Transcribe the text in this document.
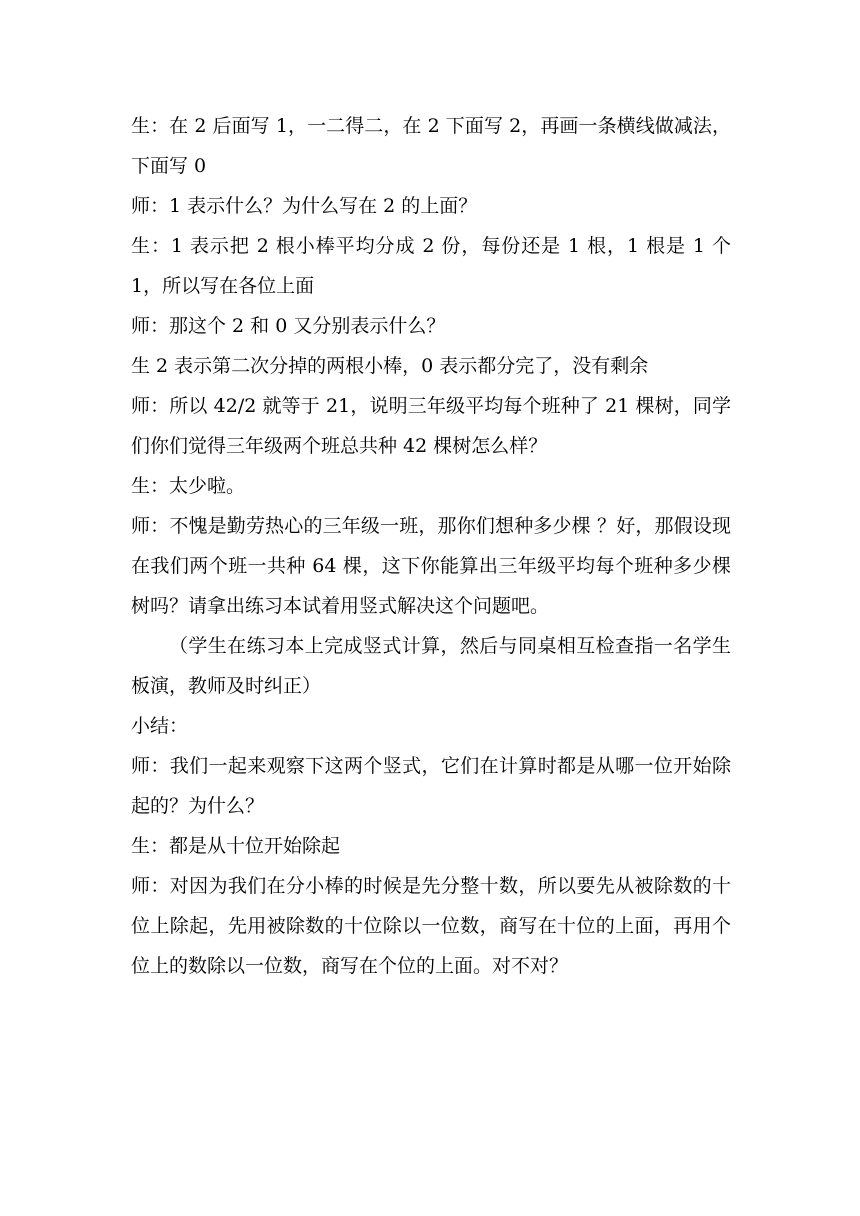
生：在 2 后面写 1，一二得二，在 2 下面写 2，再画一条横线做减法，下面写 0

师：1 表示什么？为什么写在 2 的上面？

生：1 表示把 2 根小棒平均分成 2 份，每份还是 1 根，1 根是 1 个 1，所以写在各位上面

师：那这个 2 和 0 又分别表示什么？

生 2 表示第二次分掉的两根小棒，0 表示都分完了，没有剩余

师：所以 42/2 就等于 21，说明三年级平均每个班种了 21 棵树，同学们你们觉得三年级两个班总共种 42 棵树怎么样？

生：太少啦。

师：不愧是勤劳热心的三年级一班，那你们想种多少棵 ？好，那假设现在我们两个班一共种 64 棵，这下你能算出三年级平均每个班种多少棵树吗？请拿出练习本试着用竖式解决这个问题吧。

（学生在练习本上完成竖式计算，然后与同桌相互检查指一名学生板演，教师及时纠正）

小结：

师：我们一起来观察下这两个竖式，它们在计算时都是从哪一位开始除起的？为什么？

生：都是从十位开始除起

师：对因为我们在分小棒的时候是先分整十数，所以要先从被除数的十位上除起，先用被除数的十位除以一位数，商写在十位的上面，再用个位上的数除以一位数，商写在个位的上面。对不对？
